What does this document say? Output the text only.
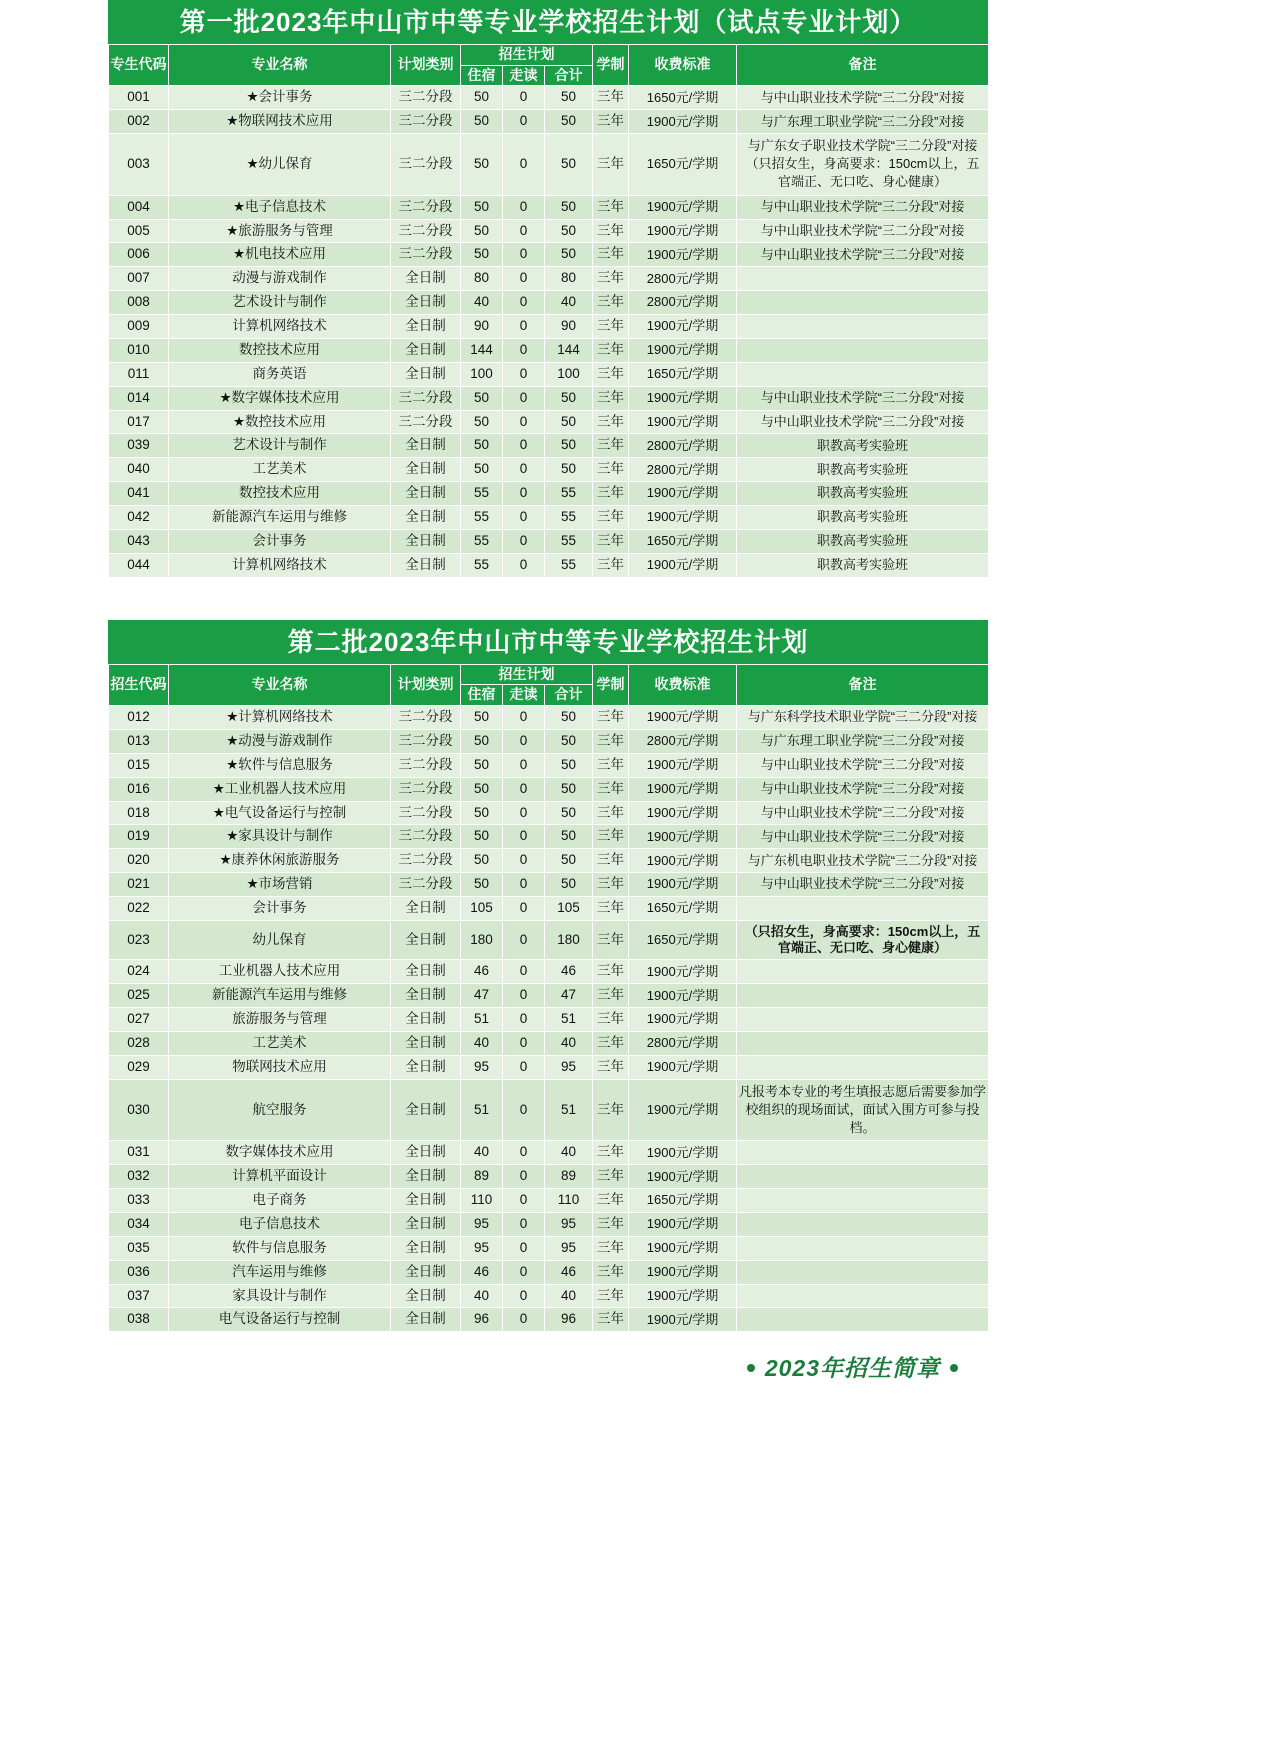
第一批2023年中山市中等专业学校招生计划（试点专业计划）
专生代码	专业名称	计划类别	招生计划			学制	收费标准	备注
			住宿	走读	合计			
001	★会计事务	三二分段	50	0	50	三年	1650元/学期	与中山职业技术学院“三二分段”对接
002	★物联网技术应用	三二分段	50	0	50	三年	1900元/学期	与广东理工职业学院“三二分段”对接
003	★幼儿保育	三二分段	50	0	50	三年	1650元/学期	与广东女子职业技术学院“三二分段”对接（只招女生，身高要求：150cm以上，五官端正、无口吃、身心健康）
004	★电子信息技术	三二分段	50	0	50	三年	1900元/学期	与中山职业技术学院“三二分段”对接
005	★旅游服务与管理	三二分段	50	0	50	三年	1900元/学期	与中山职业技术学院“三二分段”对接
006	★机电技术应用	三二分段	50	0	50	三年	1900元/学期	与中山职业技术学院“三二分段”对接
007	动漫与游戏制作	全日制	80	0	80	三年	2800元/学期	
008	艺术设计与制作	全日制	40	0	40	三年	2800元/学期	
009	计算机网络技术	全日制	90	0	90	三年	1900元/学期	
010	数控技术应用	全日制	144	0	144	三年	1900元/学期	
011	商务英语	全日制	100	0	100	三年	1650元/学期	
014	★数字媒体技术应用	三二分段	50	0	50	三年	1900元/学期	与中山职业技术学院“三二分段”对接
017	★数控技术应用	三二分段	50	0	50	三年	1900元/学期	与中山职业技术学院“三二分段”对接
039	艺术设计与制作	全日制	50	0	50	三年	2800元/学期	职教高考实验班
040	工艺美术	全日制	50	0	50	三年	2800元/学期	职教高考实验班
041	数控技术应用	全日制	55	0	55	三年	1900元/学期	职教高考实验班
042	新能源汽车运用与维修	全日制	55	0	55	三年	1900元/学期	职教高考实验班
043	会计事务	全日制	55	0	55	三年	1650元/学期	职教高考实验班
044	计算机网络技术	全日制	55	0	55	三年	1900元/学期	职教高考实验班
第二批2023年中山市中等专业学校招生计划
招生代码	专业名称	计划类别	招生计划			学制	收费标准	备注
			住宿	走读	合计			
012	★计算机网络技术	三二分段	50	0	50	三年	1900元/学期	与广东科学技术职业学院“三二分段”对接
013	★动漫与游戏制作	三二分段	50	0	50	三年	2800元/学期	与广东理工职业学院“三二分段”对接
015	★软件与信息服务	三二分段	50	0	50	三年	1900元/学期	与中山职业技术学院“三二分段”对接
016	★工业机器人技术应用	三二分段	50	0	50	三年	1900元/学期	与中山职业技术学院“三二分段”对接
018	★电气设备运行与控制	三二分段	50	0	50	三年	1900元/学期	与中山职业技术学院“三二分段”对接
019	★家具设计与制作	三二分段	50	0	50	三年	1900元/学期	与中山职业技术学院“三二分段”对接
020	★康养休闲旅游服务	三二分段	50	0	50	三年	1900元/学期	与广东机电职业技术学院“三二分段”对接
021	★市场营销	三二分段	50	0	50	三年	1900元/学期	与中山职业技术学院“三二分段”对接
022	会计事务	全日制	105	0	105	三年	1650元/学期	
023	幼儿保育	全日制	180	0	180	三年	1650元/学期	（只招女生，身高要求：150cm以上，五官端正、无口吃、身心健康）
024	工业机器人技术应用	全日制	46	0	46	三年	1900元/学期	
025	新能源汽车运用与维修	全日制	47	0	47	三年	1900元/学期	
027	旅游服务与管理	全日制	51	0	51	三年	1900元/学期	
028	工艺美术	全日制	40	0	40	三年	2800元/学期	
029	物联网技术应用	全日制	95	0	95	三年	1900元/学期	
030	航空服务	全日制	51	0	51	三年	1900元/学期	凡报考本专业的考生填报志愿后需要参加学校组织的现场面试，面试入围方可参与投档。
031	数字媒体技术应用	全日制	40	0	40	三年	1900元/学期	
032	计算机平面设计	全日制	89	0	89	三年	1900元/学期	
033	电子商务	全日制	110	0	110	三年	1650元/学期	
034	电子信息技术	全日制	95	0	95	三年	1900元/学期	
035	软件与信息服务	全日制	95	0	95	三年	1900元/学期	
036	汽车运用与维修	全日制	46	0	46	三年	1900元/学期	
037	家具设计与制作	全日制	40	0	40	三年	1900元/学期	
038	电气设备运行与控制	全日制	96	0	96	三年	1900元/学期	
2023年招生简章
